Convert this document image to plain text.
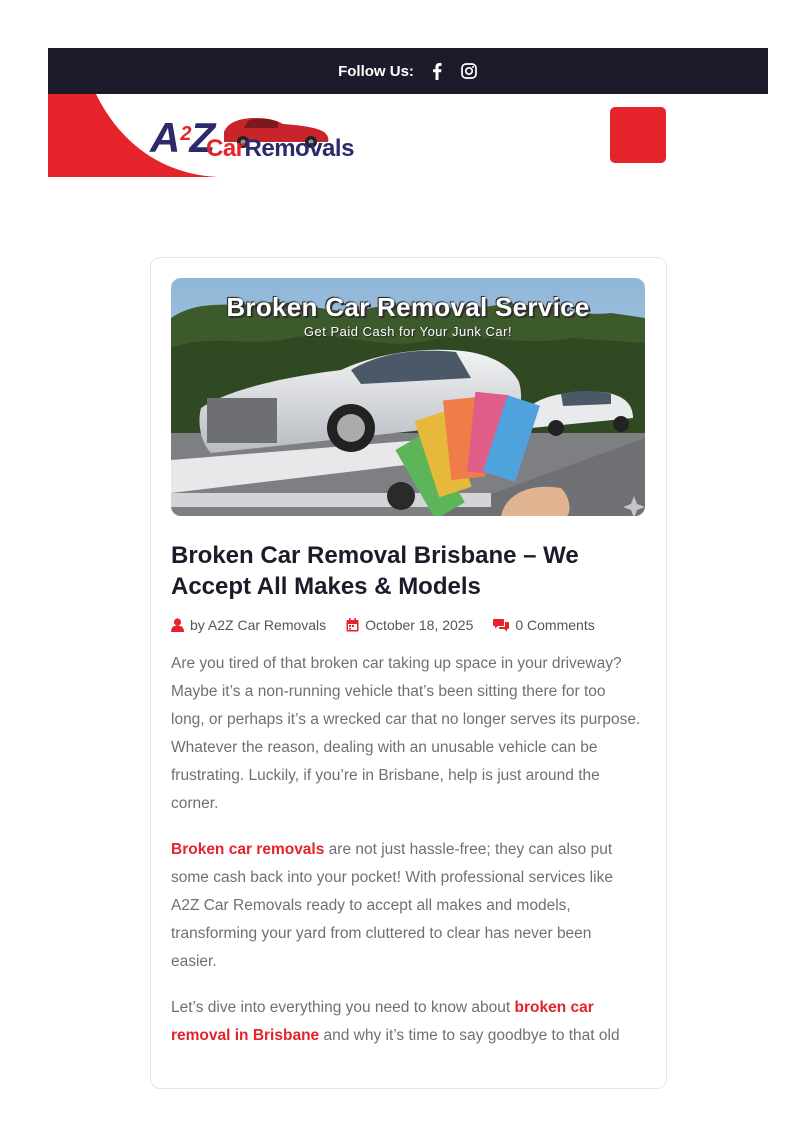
Follow Us:
$A^2Z$
CarRemovals
Broken Car Removal Service
Get Paid Cash for Your Junk Car!
Broken Car Removal Brisbane – We Accept All Makes & Models
by A2Z Car Removals	October 18, 2025	0 Comments

Are you tired of that broken car taking up space in your driveway? Maybe it’s a non-running vehicle that’s been sitting there for too long, or perhaps it’s a wrecked car that no longer serves its purpose. Whatever the reason, dealing with an unusable vehicle can be frustrating. Luckily, if you’re in Brisbane, help is just around the corner.

Broken car removals are not just hassle-free; they can also put some cash back into your pocket! With professional services like A2Z Car Removals ready to accept all makes and models, transforming your yard from cluttered to clear has never been easier.

Let’s dive into everything you need to know about broken car removal in Brisbane and why it’s time to say goodbye to that old
